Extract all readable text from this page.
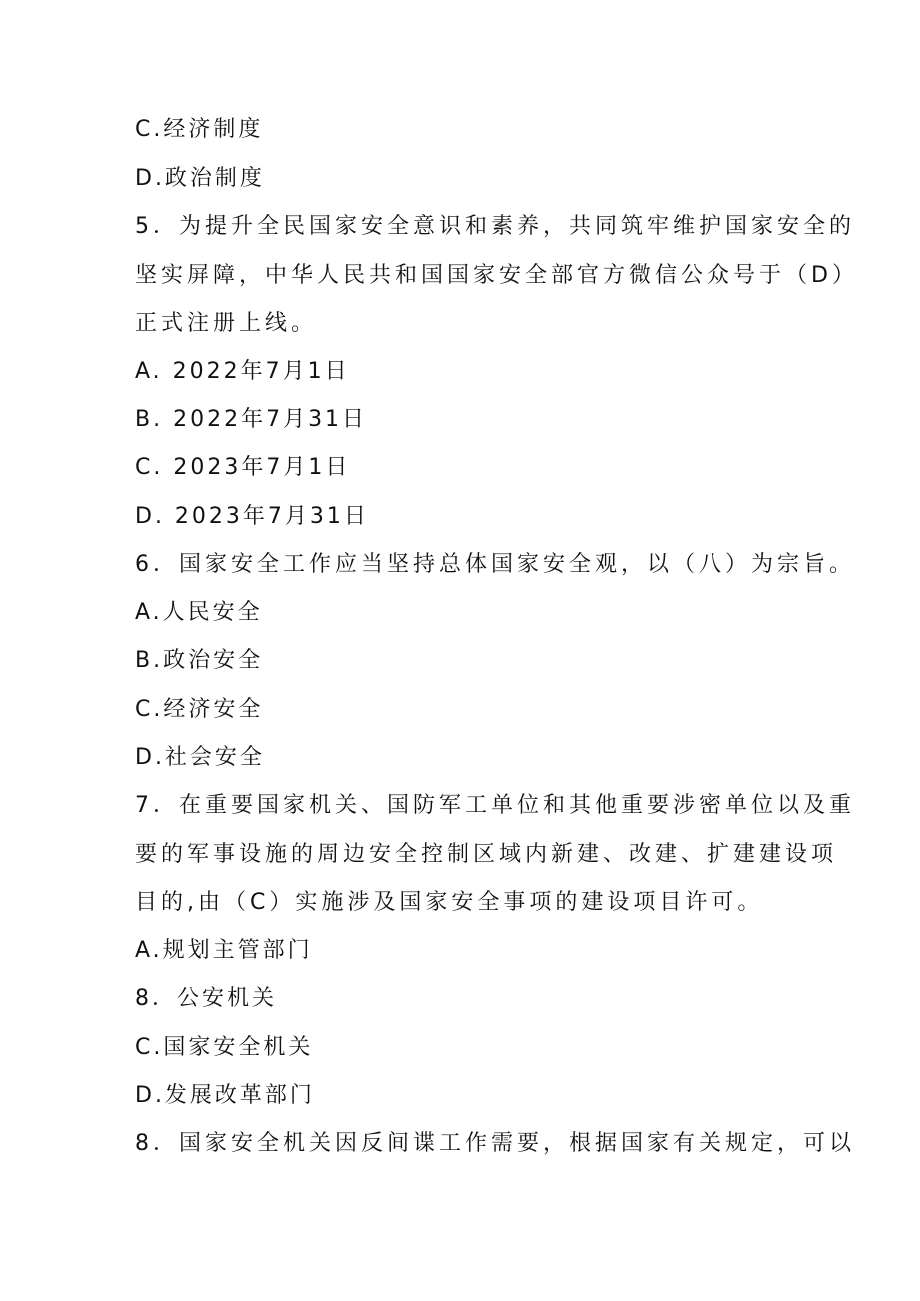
C.经济制度
D.政治制度
5．为提升全民国家安全意识和素养，共同筑牢维护国家安全的
坚实屏障，中华人民共和国国家安全部官方微信公众号于（D）
正式注册上线。
A. 2022年7月1日
B. 2022年7月31日
C. 2023年7月1日
D. 2023年7月31日
6．国家安全工作应当坚持总体国家安全观，以（八）为宗旨。
A.人民安全
B.政治安全
C.经济安全
D.社会安全
7．在重要国家机关、国防军工单位和其他重要涉密单位以及重
要的军事设施的周边安全控制区域内新建、改建、扩建建设项
目的,由（C）实施涉及国家安全事项的建设项目许可。
A.规划主管部门
8．公安机关
C.国家安全机关
D.发展改革部门
8．国家安全机关因反间谍工作需要，根据国家有关规定，可以
